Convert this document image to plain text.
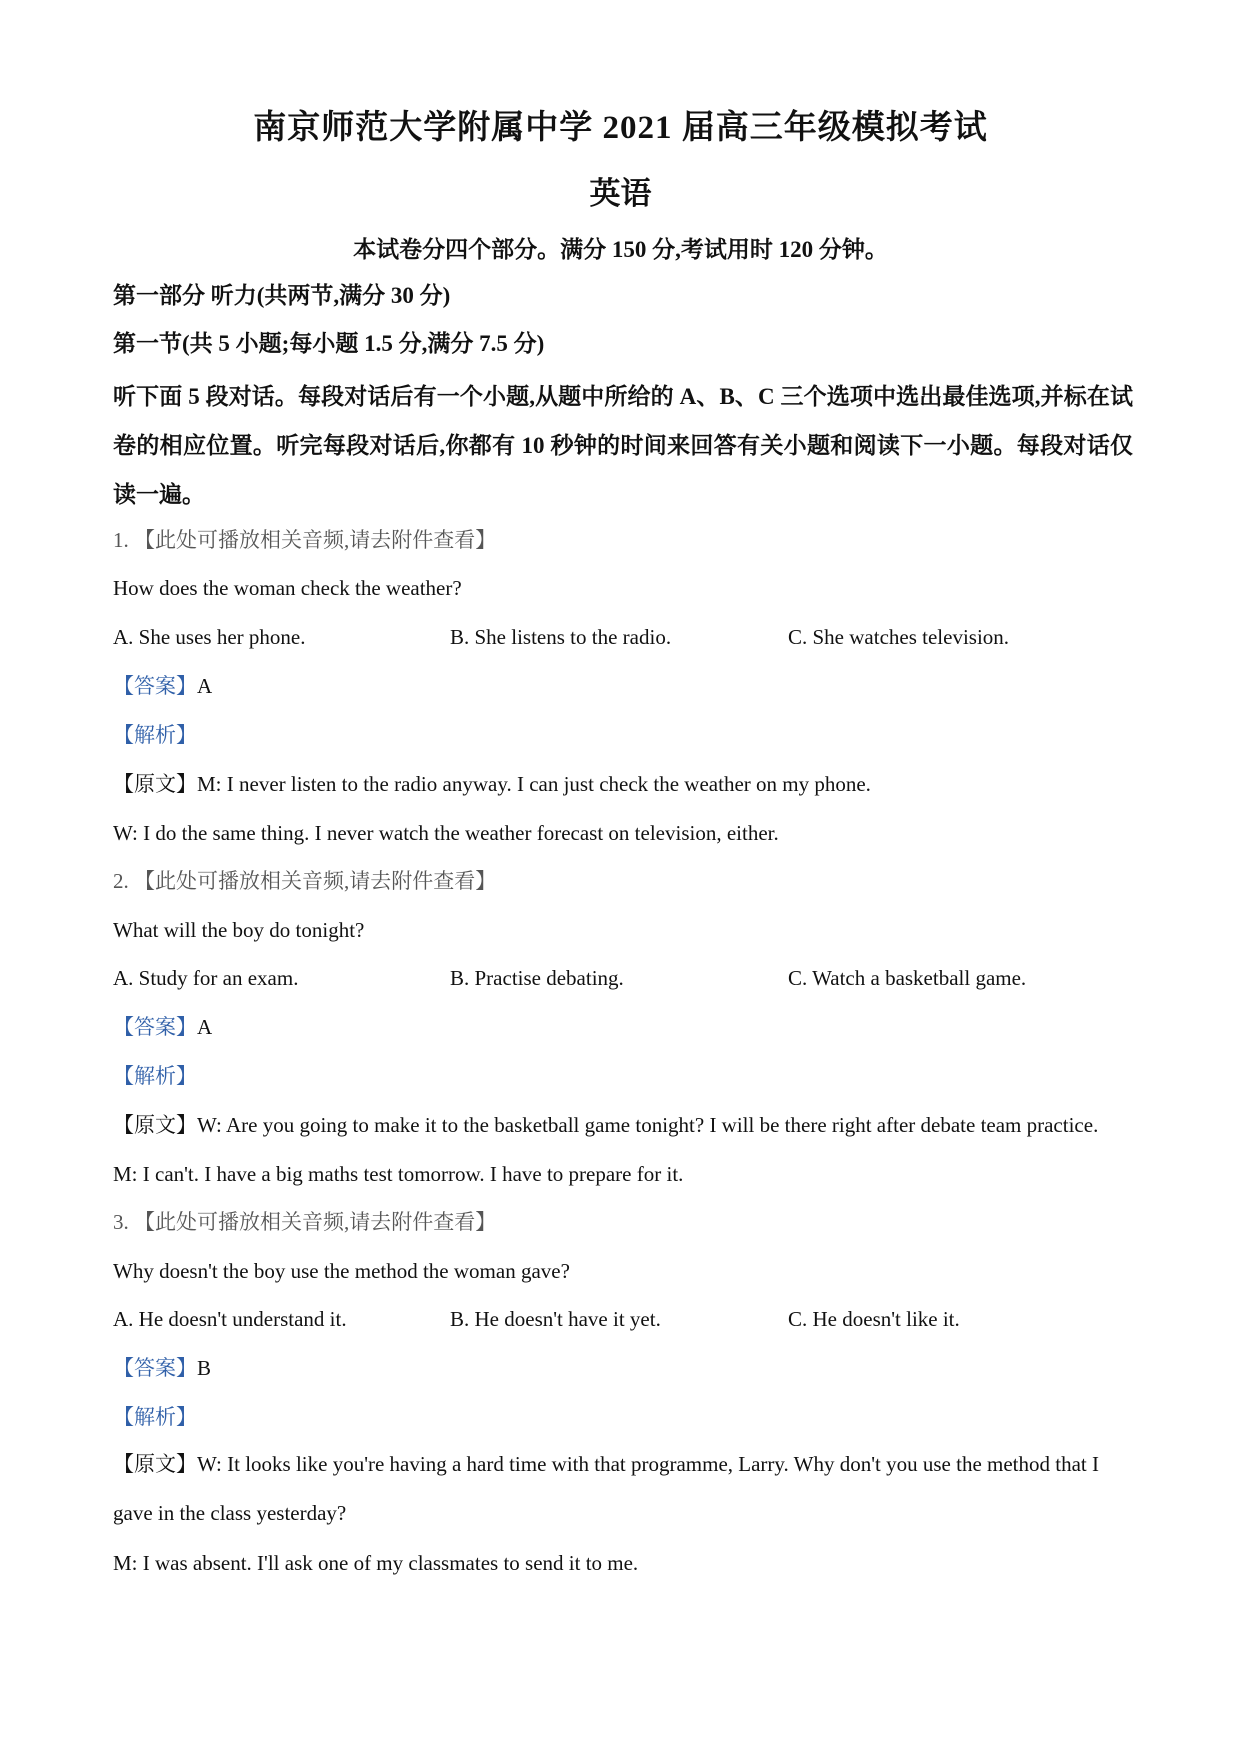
南京师范大学附属中学 2021 届高三年级模拟考试
英语
本试卷分四个部分。满分 150 分,考试用时 120 分钟。
第一部分 听力(共两节,满分 30 分)
第一节(共 5 小题;每小题 1.5 分,满分 7.5 分)
听下面 5 段对话。每段对话后有一个小题,从题中所给的 A、B、C 三个选项中选出最佳选项,并标在试卷的相应位置。听完每段对话后,你都有 10 秒钟的时间来回答有关小题和阅读下一小题。每段对话仅读一遍。
1. 【此处可播放相关音频,请去附件查看】
How does the woman check the weather?
A. She uses her phone.	B. She listens to the radio.	C. She watches television.
【答案】A
【解析】
【原文】M: I never listen to the radio anyway. I can just check the weather on my phone.
W: I do the same thing. I never watch the weather forecast on television, either.
2. 【此处可播放相关音频,请去附件查看】
What will the boy do tonight?
A. Study for an exam.	B. Practise debating.	C. Watch a basketball game.
【答案】A
【解析】
【原文】W: Are you going to make it to the basketball game tonight? I will be there right after debate team practice.
M: I can't. I have a big maths test tomorrow. I have to prepare for it.
3. 【此处可播放相关音频,请去附件查看】
Why doesn't the boy use the method the woman gave?
A. He doesn't understand it.	B. He doesn't have it yet.	C. He doesn't like it.
【答案】B
【解析】
【原文】W: It looks like you're having a hard time with that programme, Larry. Why don't you use the method that I gave in the class yesterday?
M: I was absent. I'll ask one of my classmates to send it to me.
